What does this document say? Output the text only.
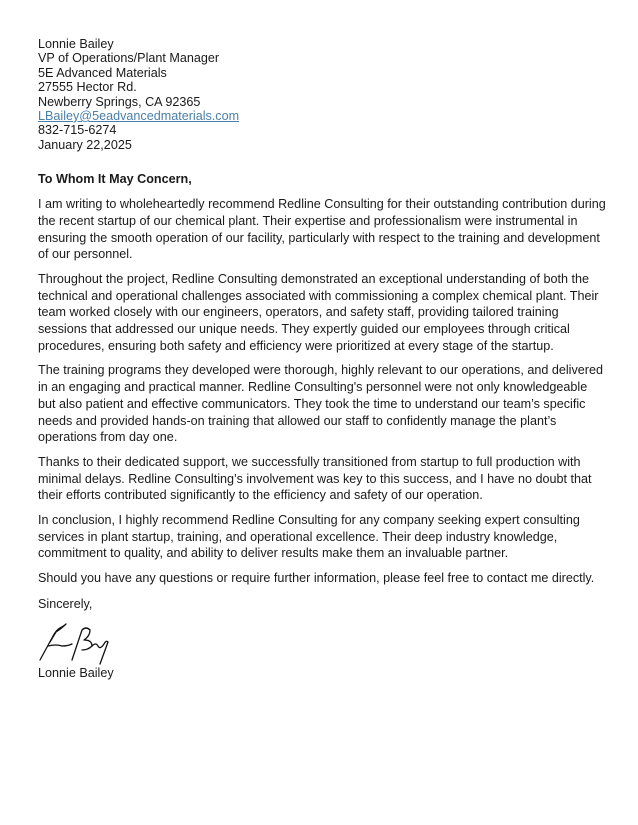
Lonnie Bailey
VP of Operations/Plant Manager
5E Advanced Materials
27555 Hector Rd.
Newberry Springs, CA 92365
LBailey@5eadvancedmaterials.com
832-715-6274
January 22,2025
To Whom It May Concern,
I am writing to wholeheartedly recommend Redline Consulting for their outstanding contribution during the recent startup of our chemical plant. Their expertise and professionalism were instrumental in ensuring the smooth operation of our facility, particularly with respect to the training and development of our personnel.
Throughout the project, Redline Consulting demonstrated an exceptional understanding of both the technical and operational challenges associated with commissioning a complex chemical plant. Their team worked closely with our engineers, operators, and safety staff, providing tailored training sessions that addressed our unique needs. They expertly guided our employees through critical procedures, ensuring both safety and efficiency were prioritized at every stage of the startup.
The training programs they developed were thorough, highly relevant to our operations, and delivered in an engaging and practical manner. Redline Consulting's personnel were not only knowledgeable but also patient and effective communicators. They took the time to understand our team’s specific needs and provided hands-on training that allowed our staff to confidently manage the plant’s operations from day one.
Thanks to their dedicated support, we successfully transitioned from startup to full production with minimal delays. Redline Consulting’s involvement was key to this success, and I have no doubt that their efforts contributed significantly to the efficiency and safety of our operation.
In conclusion, I highly recommend Redline Consulting for any company seeking expert consulting services in plant startup, training, and operational excellence. Their deep industry knowledge, commitment to quality, and ability to deliver results make them an invaluable partner.
Should you have any questions or require further information, please feel free to contact me directly.
Sincerely,
Lonnie Bailey
